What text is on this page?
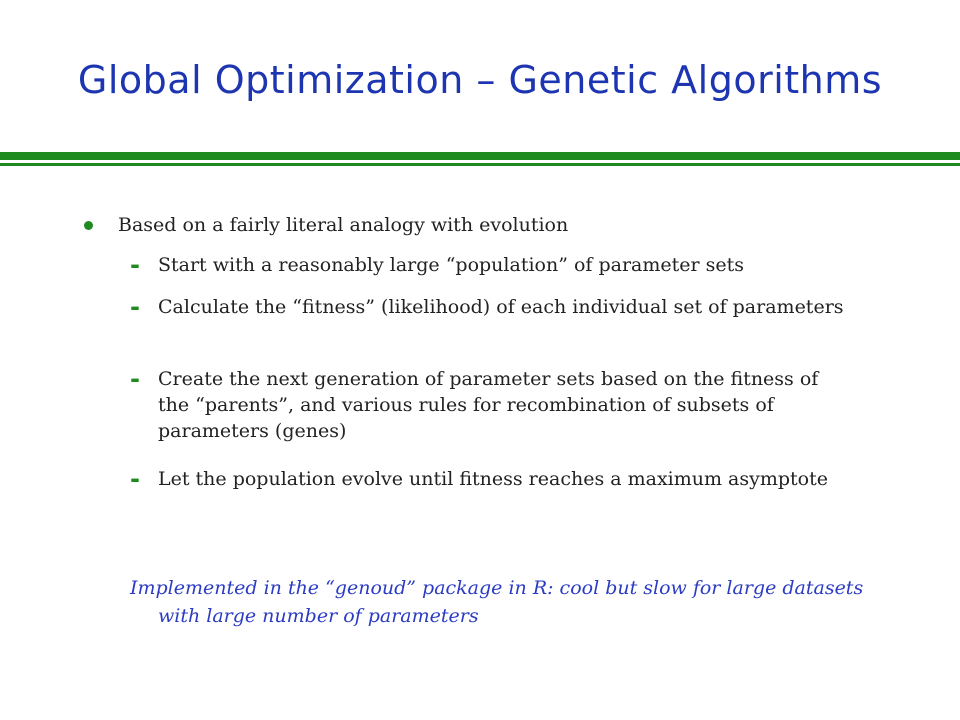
Global Optimization – Genetic Algorithms
Based on a fairly literal analogy with evolution
- Start with a reasonably large “population” of parameter sets
- Calculate the “fitness” (likelihood) of each individual set of parameters
- Create the next generation of parameter sets based on the fitness of the “parents”, and various rules for recombination of subsets of parameters (genes)
- Let the population evolve until fitness reaches a maximum asymptote
Implemented in the “genoud” package in R: cool but slow for large datasets with large number of parameters
